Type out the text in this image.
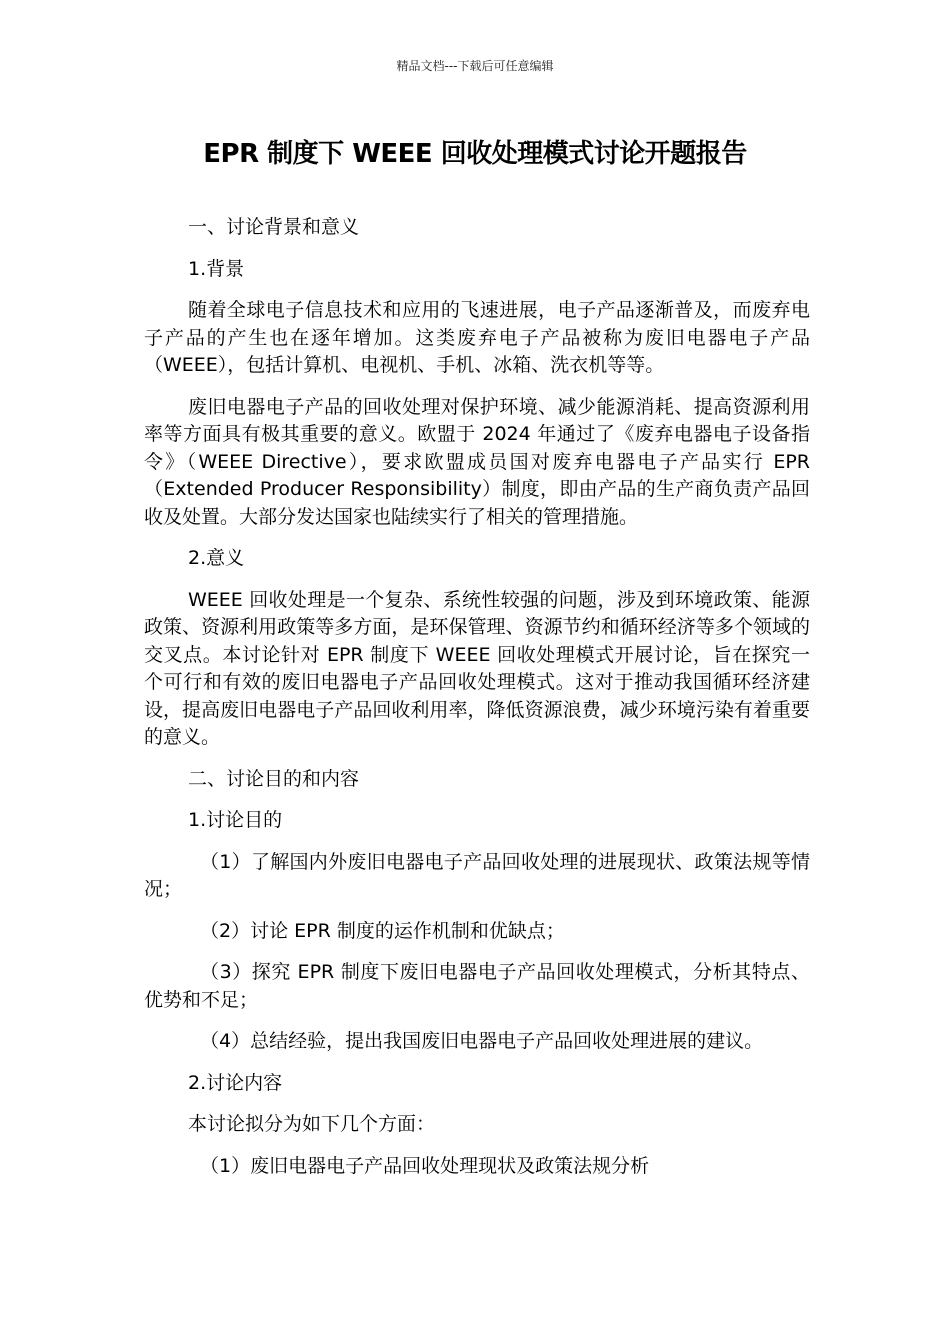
精品文档---下载后可任意编辑
EPR 制度下 WEEE 回收处理模式讨论开题报告

一、讨论背景和意义

1.背景

随着全球电子信息技术和应用的飞速进展，电子产品逐渐普及，而废弃电子产品的产生也在逐年增加。这类废弃电子产品被称为废旧电器电子产品（WEEE），包括计算机、电视机、手机、冰箱、洗衣机等等。

废旧电器电子产品的回收处理对保护环境、减少能源消耗、提高资源利用率等方面具有极其重要的意义。欧盟于 2024 年通过了《废弃电器电子设备指令》（WEEE Directive），要求欧盟成员国对废弃电器电子产品实行 EPR（Extended Producer Responsibility）制度，即由产品的生产商负责产品回收及处置。大部分发达国家也陆续实行了相关的管理措施。

2.意义

WEEE 回收处理是一个复杂、系统性较强的问题，涉及到环境政策、能源政策、资源利用政策等多方面，是环保管理、资源节约和循环经济等多个领域的交叉点。本讨论针对 EPR 制度下 WEEE 回收处理模式开展讨论，旨在探究一个可行和有效的废旧电器电子产品回收处理模式。这对于推动我国循环经济建设，提高废旧电器电子产品回收利用率，降低资源浪费，减少环境污染有着重要的意义。

二、讨论目的和内容

1.讨论目的

（1）了解国内外废旧电器电子产品回收处理的进展现状、政策法规等情况；

（2）讨论 EPR 制度的运作机制和优缺点；

（3）探究 EPR 制度下废旧电器电子产品回收处理模式，分析其特点、优势和不足；

（4）总结经验，提出我国废旧电器电子产品回收处理进展的建议。

2.讨论内容

本讨论拟分为如下几个方面：

（1）废旧电器电子产品回收处理现状及政策法规分析
